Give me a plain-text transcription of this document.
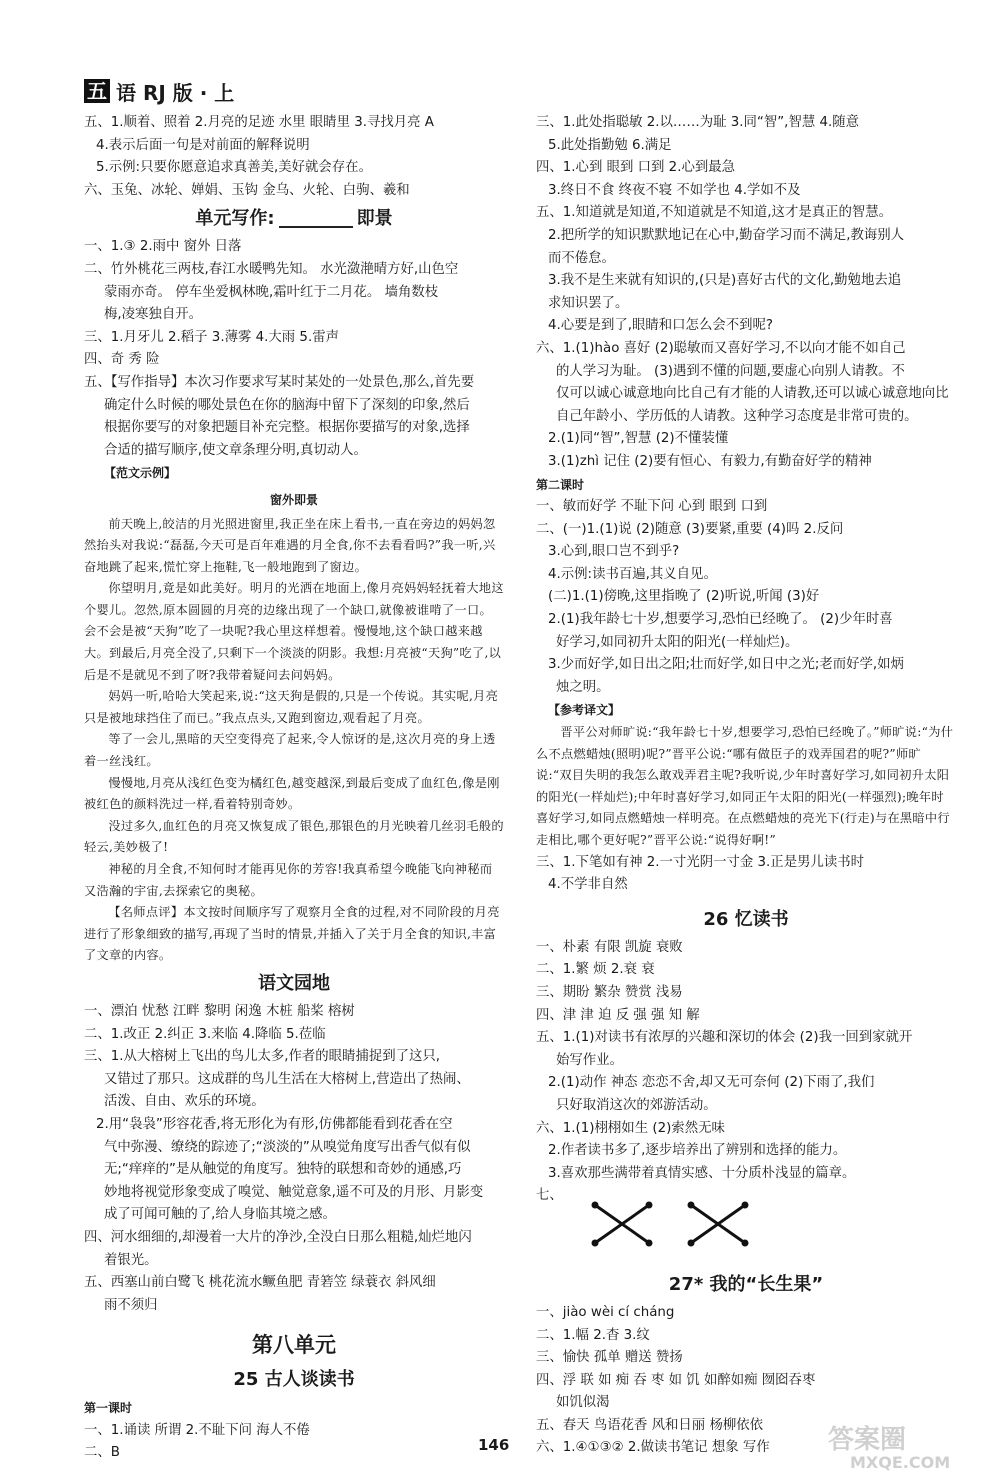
五 语 RJ 版 · 上

五、1.顺着、照着 2.月亮的足迹 水里 眼睛里 3.寻找月亮 A

4.表示后面一句是对前面的解释说明

5.示例:只要你愿意追求真善美,美好就会存在。

六、玉兔、冰轮、婵娟、玉钩 金乌、火轮、白驹、羲和

单元写作:	即景

一、1.③ 2.雨中 窗外 日落

二、竹外桃花三两枝,春江水暖鸭先知。 水光潋滟晴方好,山色空

蒙雨亦奇。 停车坐爱枫林晚,霜叶红于二月花。 墙角数枝

梅,凌寒独自开。

三、1.月牙儿 2.稻子 3.薄雾 4.大雨 5.雷声

四、奇 秀 险

五、【写作指导】本次习作要求写某时某处的一处景色,那么,首先要

确定什么时候的哪处景色在你的脑海中留下了深刻的印象,然后

根据你要写的对象把题目补充完整。根据你要描写的对象,选择

合适的描写顺序,使文章条理分明,真切动人。

【范文示例】

窗外即景

前天晚上,皎洁的月光照进窗里,我正坐在床上看书,一直在旁边的妈妈忽然抬头对我说:“磊磊,今天可是百年难遇的月全食,你不去看看吗?”我一听,兴奋地跳了起来,慌忙穿上拖鞋,飞一般地跑到了窗边。

你望明月,竟是如此美好。明月的光洒在地面上,像月亮妈妈轻抚着大地这个婴儿。忽然,原本圆圆的月亮的边缘出现了一个缺口,就像被谁啃了一口。会不会是被“天狗”吃了一块呢?我心里这样想着。慢慢地,这个缺口越来越大。到最后,月亮全没了,只剩下一个淡淡的阴影。我想:月亮被“天狗”吃了,以后是不是就见不到了呀?我带着疑问去问妈妈。

妈妈一听,哈哈大笑起来,说:“这天狗是假的,只是一个传说。其实呢,月亮只是被地球挡住了而已。”我点点头,又跑到窗边,观看起了月亮。

等了一会儿,黑暗的天空变得亮了起来,令人惊讶的是,这次月亮的身上透着一丝浅红。

慢慢地,月亮从浅红色变为橘红色,越变越深,到最后变成了血红色,像是刚被红色的颜料洗过一样,看着特别奇妙。

没过多久,血红色的月亮又恢复成了银色,那银色的月光映着几丝羽毛般的轻云,美妙极了!

神秘的月全食,不知何时才能再见你的芳容!我真希望今晚能飞向神秘而又浩瀚的宇宙,去探索它的奥秘。

【名师点评】本文按时间顺序写了观察月全食的过程,对不同阶段的月亮进行了形象细致的描写,再现了当时的情景,并插入了关于月全食的知识,丰富了文章的内容。

语文园地

一、漂泊 忧愁 江畔 黎明 闲逸 木桩 船桨 榕树

二、1.改正 2.纠正 3.来临 4.降临 5.莅临

三、1.从大榕树上飞出的鸟儿太多,作者的眼睛捕捉到了这只,

又错过了那只。这成群的鸟儿生活在大榕树上,营造出了热闹、

活泼、自由、欢乐的环境。

2.用“袅袅”形容花香,将无形化为有形,仿佛都能看到花香在空

气中弥漫、缭绕的踪迹了;“淡淡的”从嗅觉角度写出香气似有似

无;“痒痒的”是从触觉的角度写。独特的联想和奇妙的通感,巧

妙地将视觉形象变成了嗅觉、触觉意象,遥不可及的月形、月影变

成了可闻可触的了,给人身临其境之感。

四、河水细细的,却漫着一大片的净沙,全没白日那么粗糙,灿烂地闪

着银光。

五、西塞山前白鹭飞 桃花流水鳜鱼肥 青箬笠 绿蓑衣 斜风细

雨不须归

第八单元
25 古人谈读书
第一课时

一、1.诵读 所谓 2.不耻下问 海人不倦

二、B

三、1.此处指聪敏 2.以……为耻 3.同“智”,智慧 4.随意

5.此处指勤勉 6.满足

四、1.心到 眼到 口到 2.心到最急

3.终日不食 终夜不寝 不如学也 4.学如不及

五、1.知道就是知道,不知道就是不知道,这才是真正的智慧。

2.把所学的知识默默地记在心中,勤奋学习而不满足,教诲别人

而不倦怠。

3.我不是生来就有知识的,(只是)喜好古代的文化,勤勉地去追

求知识罢了。

4.心要是到了,眼睛和口怎么会不到呢?

六、1.(1)hào 喜好 (2)聪敏而又喜好学习,不以向才能不如自己

的人学习为耻。 (3)遇到不懂的问题,要虚心向别人请教。不

仅可以诚心诚意地向比自己有才能的人请教,还可以诚心诚意地向比

自己年龄小、学历低的人请教。这种学习态度是非常可贵的。

2.(1)同“智”,智慧 (2)不懂装懂

3.(1)zhì 记住 (2)要有恒心、有毅力,有勤奋好学的精神

第二课时

一、敏而好学 不耻下问 心到 眼到 口到

二、(一)1.(1)说 (2)随意 (3)要紧,重要 (4)吗 2.反问

3.心到,眼口岂不到乎?

4.示例:读书百遍,其义自见。

(二)1.(1)傍晚,这里指晚了 (2)听说,听闻 (3)好

2.(1)我年龄七十岁,想要学习,恐怕已经晚了。 (2)少年时喜

好学习,如同初升太阳的阳光(一样灿烂)。

3.少而好学,如日出之阳;壮而好学,如日中之光;老而好学,如炳

烛之明。

【参考译文】

晋平公对师旷说:“我年龄七十岁,想要学习,恐怕已经晚了。”师旷说:“为什么不点燃蜡烛(照明)呢?”晋平公说:“哪有做臣子的戏弄国君的呢?”师旷说:“双目失明的我怎么敢戏弄君主呢?我听说,少年时喜好学习,如同初升太阳的阳光(一样灿烂);中年时喜好学习,如同正午太阳的阳光(一样强烈);晚年时喜好学习,如同点燃蜡烛一样明亮。在点燃蜡烛的亮光下(行走)与在黑暗中行走相比,哪个更好呢?”晋平公说:“说得好啊!”

三、1.下笔如有神 2.一寸光阴一寸金 3.正是男儿读书时

4.不学非自然

26 忆读书

一、朴素 有限 凯旋 衰败

二、1.繁 烦 2.衰 衰

三、期盼 繁杂 赞赏 浅易

四、津 津 迫 反 强 强 知 解

五、1.(1)对读书有浓厚的兴趣和深切的体会 (2)我一回到家就开

始写作业。

2.(1)动作 神态 恋恋不舍,却又无可奈何 (2)下雨了,我们

只好取消这次的郊游活动。

六、1.(1)栩栩如生 (2)索然无味

2.作者读书多了,逐步培养出了辨别和选择的能力。

3.喜欢那些满带着真情实感、十分质朴浅显的篇章。

七、

27* 我的“长生果”

一、jiào wèi cí cháng

二、1.幅 2.杳 3.纹

三、愉快 孤单 赠送 赞扬

四、浮 联 如 痴 吞 枣 如 饥 如醉如痴 囫囵吞枣

如饥似渴

五、春天 鸟语花香 风和日丽 杨柳依依

六、1.④①③② 2.做读书笔记 想象 写作

146	答案圈
MXQE.COM
